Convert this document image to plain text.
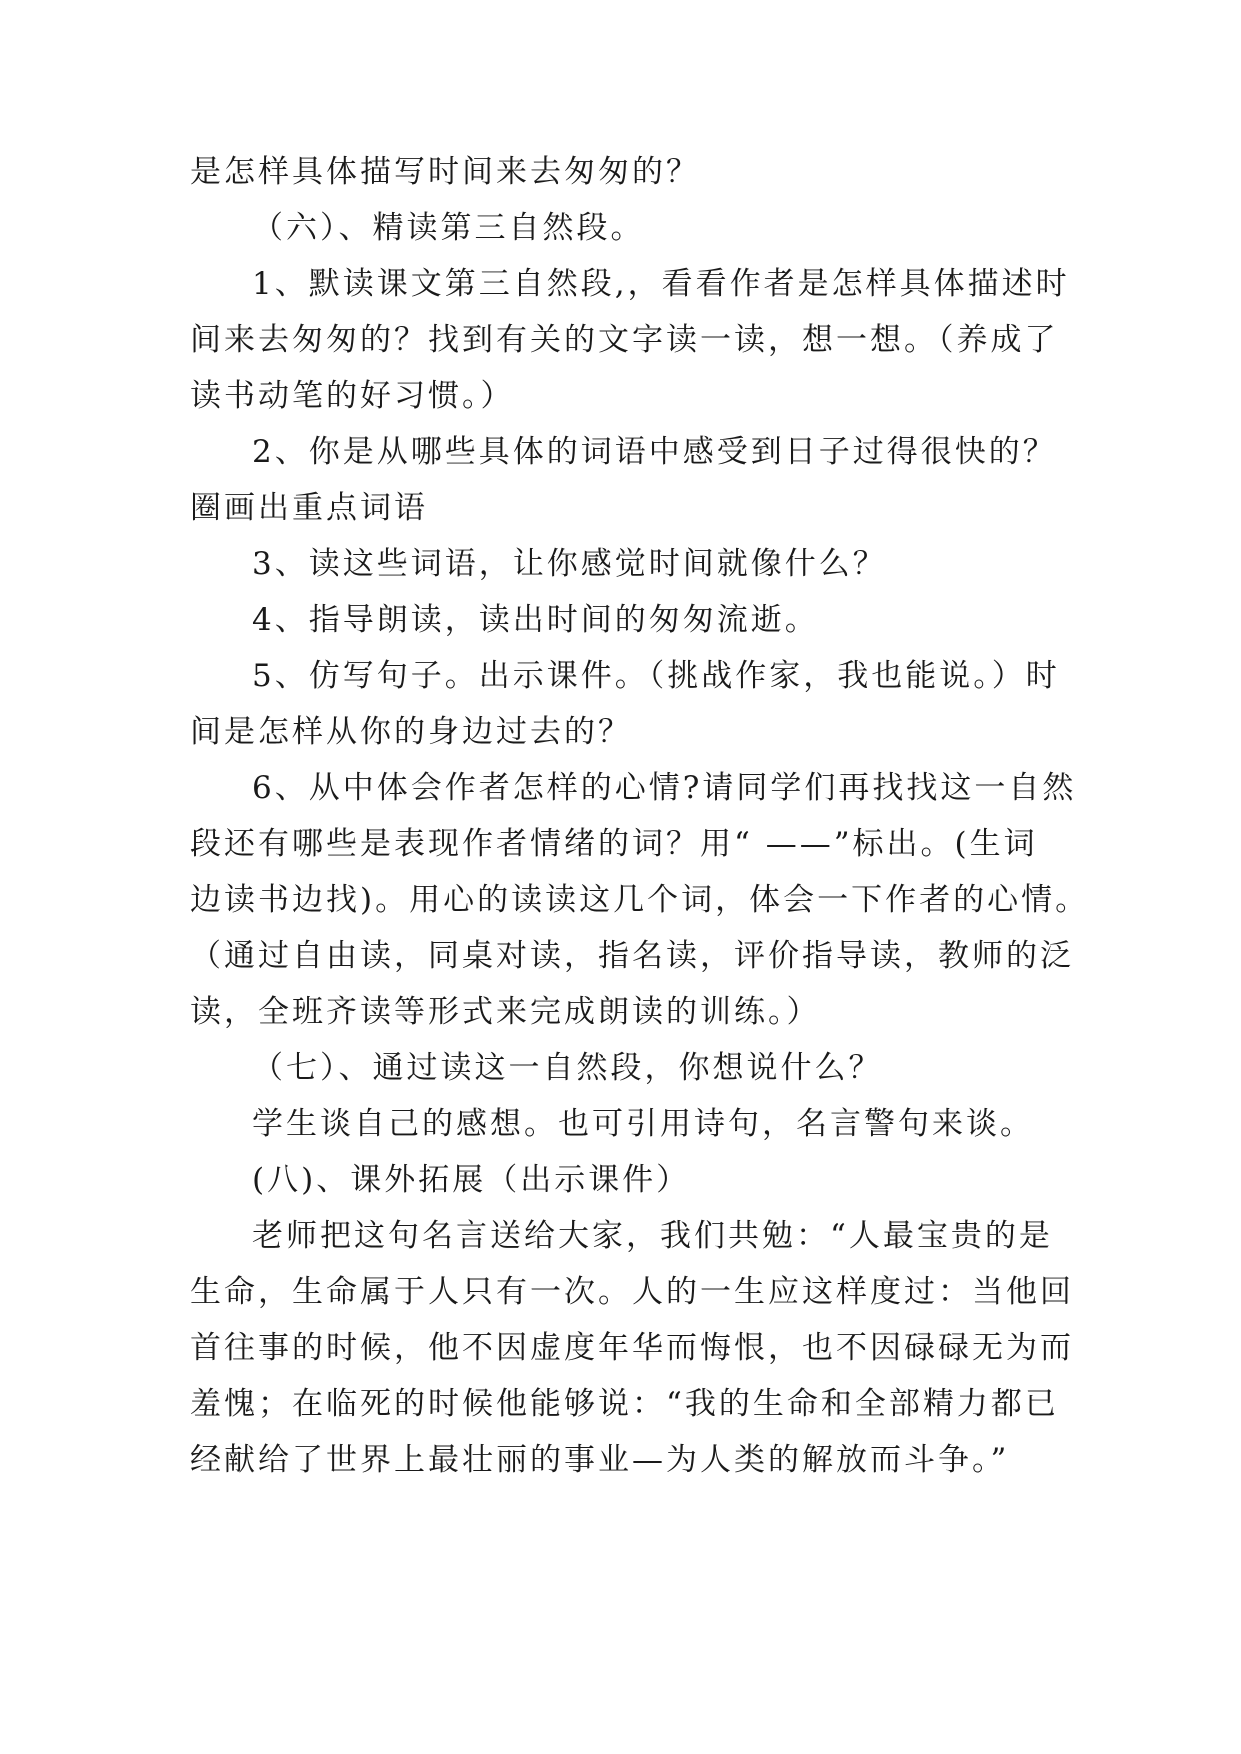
是怎样具体描写时间来去匆匆的？
（六）、精读第三自然段。
1、默读课文第三自然段,，看看作者是怎样具体描述时
间来去匆匆的？找到有关的文字读一读，想一想。（养成了
读书动笔的好习惯。）
2、你是从哪些具体的词语中感受到日子过得很快的？
圈画出重点词语
3、读这些词语，让你感觉时间就像什么？
4、指导朗读，读出时间的匆匆流逝。
5、仿写句子。出示课件。（挑战作家，我也能说。）时
间是怎样从你的身边过去的？
6、从中体会作者怎样的心情?请同学们再找找这一自然
段还有哪些是表现作者情绪的词？用“ ——”标出。(生词
边读书边找)。用心的读读这几个词，体会一下作者的心情。
（通过自由读，同桌对读，指名读，评价指导读，教师的泛
读，全班齐读等形式来完成朗读的训练。）
（七）、通过读这一自然段，你想说什么？
学生谈自己的感想。也可引用诗句，名言警句来谈。
(八)、课外拓展（出示课件）
老师把这句名言送给大家，我们共勉：“人最宝贵的是
生命，生命属于人只有一次。人的一生应这样度过：当他回
首往事的时候，他不因虚度年华而悔恨，也不因碌碌无为而
羞愧；在临死的时候他能够说：“我的生命和全部精力都已
经献给了世界上最壮丽的事业—为人类的解放而斗争。”
